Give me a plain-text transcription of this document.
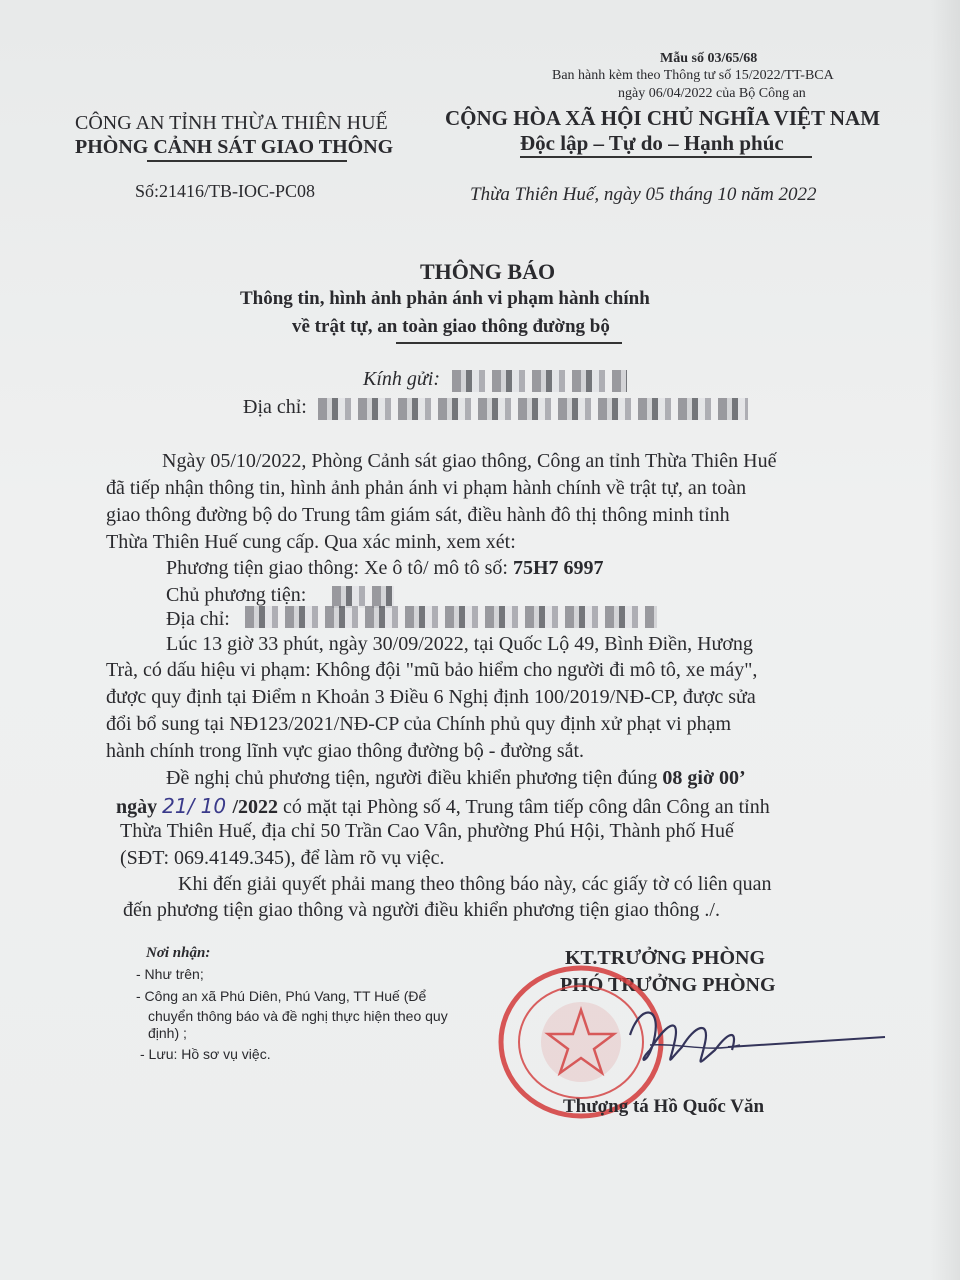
Mẫu số 03/65/68
Ban hành kèm theo Thông tư số 15/2022/TT-BCA
ngày 06/04/2022 của Bộ Công an
CÔNG AN TỈNH THỪA THIÊN HUẾ
PHÒNG CẢNH SÁT GIAO THÔNG
CỘNG HÒA XÃ HỘI CHỦ NGHĨA VIỆT NAM
Độc lập – Tự do – Hạnh phúc
Số:21416/TB-IOC-PC08	Thừa Thiên Huế, ngày 05 tháng 10 năm 2022
THÔNG BÁO
Thông tin, hình ảnh phản ánh vi phạm hành chính
về trật tự, an toàn giao thông đường bộ
Kính gửi:
Địa chỉ:
Ngày 05/10/2022, Phòng Cảnh sát giao thông, Công an tỉnh Thừa Thiên Huế
đã tiếp nhận thông tin, hình ảnh phản ánh vi phạm hành chính về trật tự, an toàn
giao thông đường bộ do Trung tâm giám sát, điều hành đô thị thông minh tỉnh
Thừa Thiên Huế cung cấp. Qua xác minh, xem xét:
Phương tiện giao thông: Xe ô tô/ mô tô số: 75H7 6997
Chủ phương tiện:
Địa chỉ:
Lúc 13 giờ 33 phút, ngày 30/09/2022, tại Quốc Lộ 49, Bình Điền, Hương
Trà, có dấu hiệu vi phạm: Không đội "mũ bảo hiểm cho người đi mô tô, xe máy",
được quy định tại Điểm n Khoản 3 Điều 6 Nghị định 100/2019/NĐ-CP, được sửa
đổi bổ sung tại NĐ123/2021/NĐ-CP của Chính phủ quy định xử phạt vi phạm
hành chính trong lĩnh vực giao thông đường bộ - đường sắt.
Đề nghị chủ phương tiện, người điều khiển phương tiện đúng 08 giờ 00’
ngày 21/ 10 /2022 có mặt tại Phòng số 4, Trung tâm tiếp công dân Công an tỉnh
Thừa Thiên Huế, địa chỉ 50 Trần Cao Vân, phường Phú Hội, Thành phố Huế
(SĐT: 069.4149.345), để làm rõ vụ việc.
Khi đến giải quyết phải mang theo thông báo này, các giấy tờ có liên quan
đến phương tiện giao thông và người điều khiển phương tiện giao thông ./.
Nơi nhận:
- Như trên;
- Công an xã Phú Diên, Phú Vang, TT Huế (Để
chuyển thông báo và đề nghị thực hiện theo quy
định) ;
- Lưu: Hồ sơ vụ việc.
KT.TRƯỞNG PHÒNG
PHÓ TRƯỞNG PHÒNG
Thượng tá Hồ Quốc Văn
